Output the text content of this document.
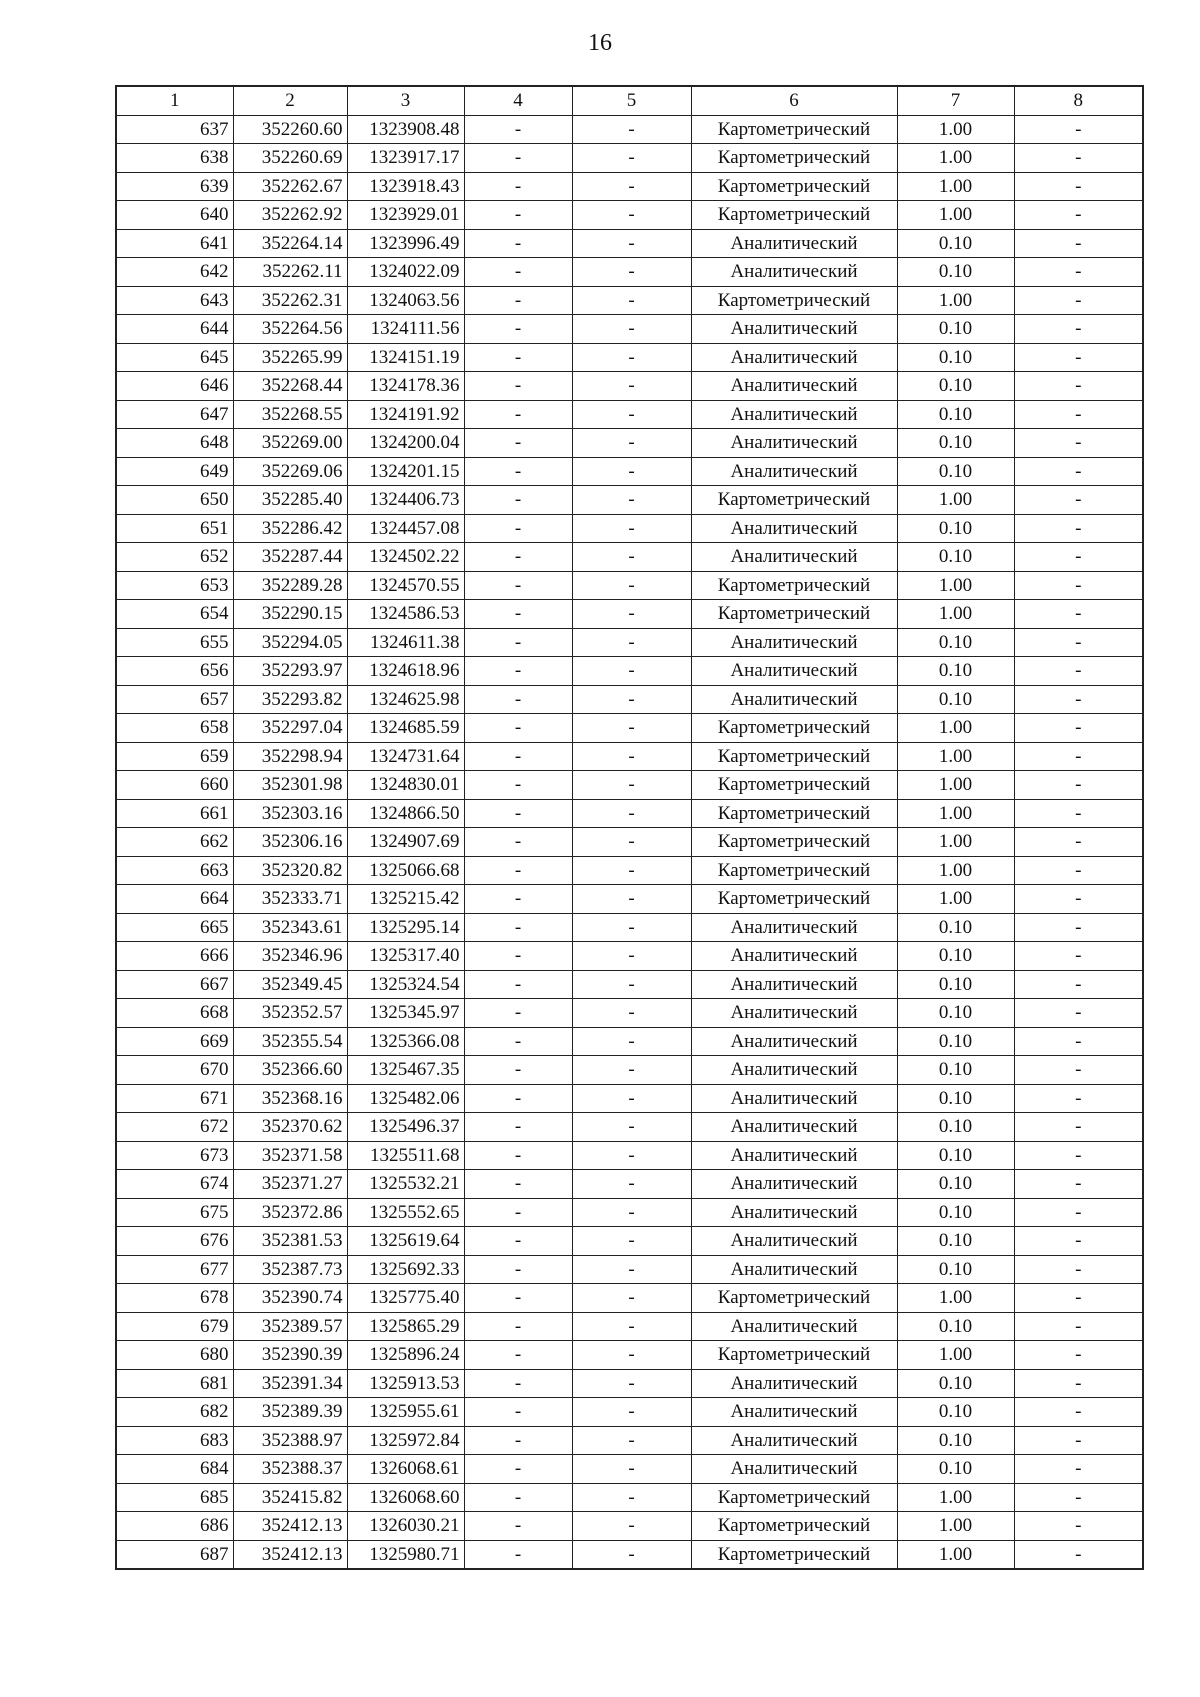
16
1	2	3	4	5	6	7	8
637	352260.60	1323908.48	-	-	Картометрический	1.00	-
638	352260.69	1323917.17	-	-	Картометрический	1.00	-
639	352262.67	1323918.43	-	-	Картометрический	1.00	-
640	352262.92	1323929.01	-	-	Картометрический	1.00	-
641	352264.14	1323996.49	-	-	Аналитический	0.10	-
642	352262.11	1324022.09	-	-	Аналитический	0.10	-
643	352262.31	1324063.56	-	-	Картометрический	1.00	-
644	352264.56	1324111.56	-	-	Аналитический	0.10	-
645	352265.99	1324151.19	-	-	Аналитический	0.10	-
646	352268.44	1324178.36	-	-	Аналитический	0.10	-
647	352268.55	1324191.92	-	-	Аналитический	0.10	-
648	352269.00	1324200.04	-	-	Аналитический	0.10	-
649	352269.06	1324201.15	-	-	Аналитический	0.10	-
650	352285.40	1324406.73	-	-	Картометрический	1.00	-
651	352286.42	1324457.08	-	-	Аналитический	0.10	-
652	352287.44	1324502.22	-	-	Аналитический	0.10	-
653	352289.28	1324570.55	-	-	Картометрический	1.00	-
654	352290.15	1324586.53	-	-	Картометрический	1.00	-
655	352294.05	1324611.38	-	-	Аналитический	0.10	-
656	352293.97	1324618.96	-	-	Аналитический	0.10	-
657	352293.82	1324625.98	-	-	Аналитический	0.10	-
658	352297.04	1324685.59	-	-	Картометрический	1.00	-
659	352298.94	1324731.64	-	-	Картометрический	1.00	-
660	352301.98	1324830.01	-	-	Картометрический	1.00	-
661	352303.16	1324866.50	-	-	Картометрический	1.00	-
662	352306.16	1324907.69	-	-	Картометрический	1.00	-
663	352320.82	1325066.68	-	-	Картометрический	1.00	-
664	352333.71	1325215.42	-	-	Картометрический	1.00	-
665	352343.61	1325295.14	-	-	Аналитический	0.10	-
666	352346.96	1325317.40	-	-	Аналитический	0.10	-
667	352349.45	1325324.54	-	-	Аналитический	0.10	-
668	352352.57	1325345.97	-	-	Аналитический	0.10	-
669	352355.54	1325366.08	-	-	Аналитический	0.10	-
670	352366.60	1325467.35	-	-	Аналитический	0.10	-
671	352368.16	1325482.06	-	-	Аналитический	0.10	-
672	352370.62	1325496.37	-	-	Аналитический	0.10	-
673	352371.58	1325511.68	-	-	Аналитический	0.10	-
674	352371.27	1325532.21	-	-	Аналитический	0.10	-
675	352372.86	1325552.65	-	-	Аналитический	0.10	-
676	352381.53	1325619.64	-	-	Аналитический	0.10	-
677	352387.73	1325692.33	-	-	Аналитический	0.10	-
678	352390.74	1325775.40	-	-	Картометрический	1.00	-
679	352389.57	1325865.29	-	-	Аналитический	0.10	-
680	352390.39	1325896.24	-	-	Картометрический	1.00	-
681	352391.34	1325913.53	-	-	Аналитический	0.10	-
682	352389.39	1325955.61	-	-	Аналитический	0.10	-
683	352388.97	1325972.84	-	-	Аналитический	0.10	-
684	352388.37	1326068.61	-	-	Аналитический	0.10	-
685	352415.82	1326068.60	-	-	Картометрический	1.00	-
686	352412.13	1326030.21	-	-	Картометрический	1.00	-
687	352412.13	1325980.71	-	-	Картометрический	1.00	-
